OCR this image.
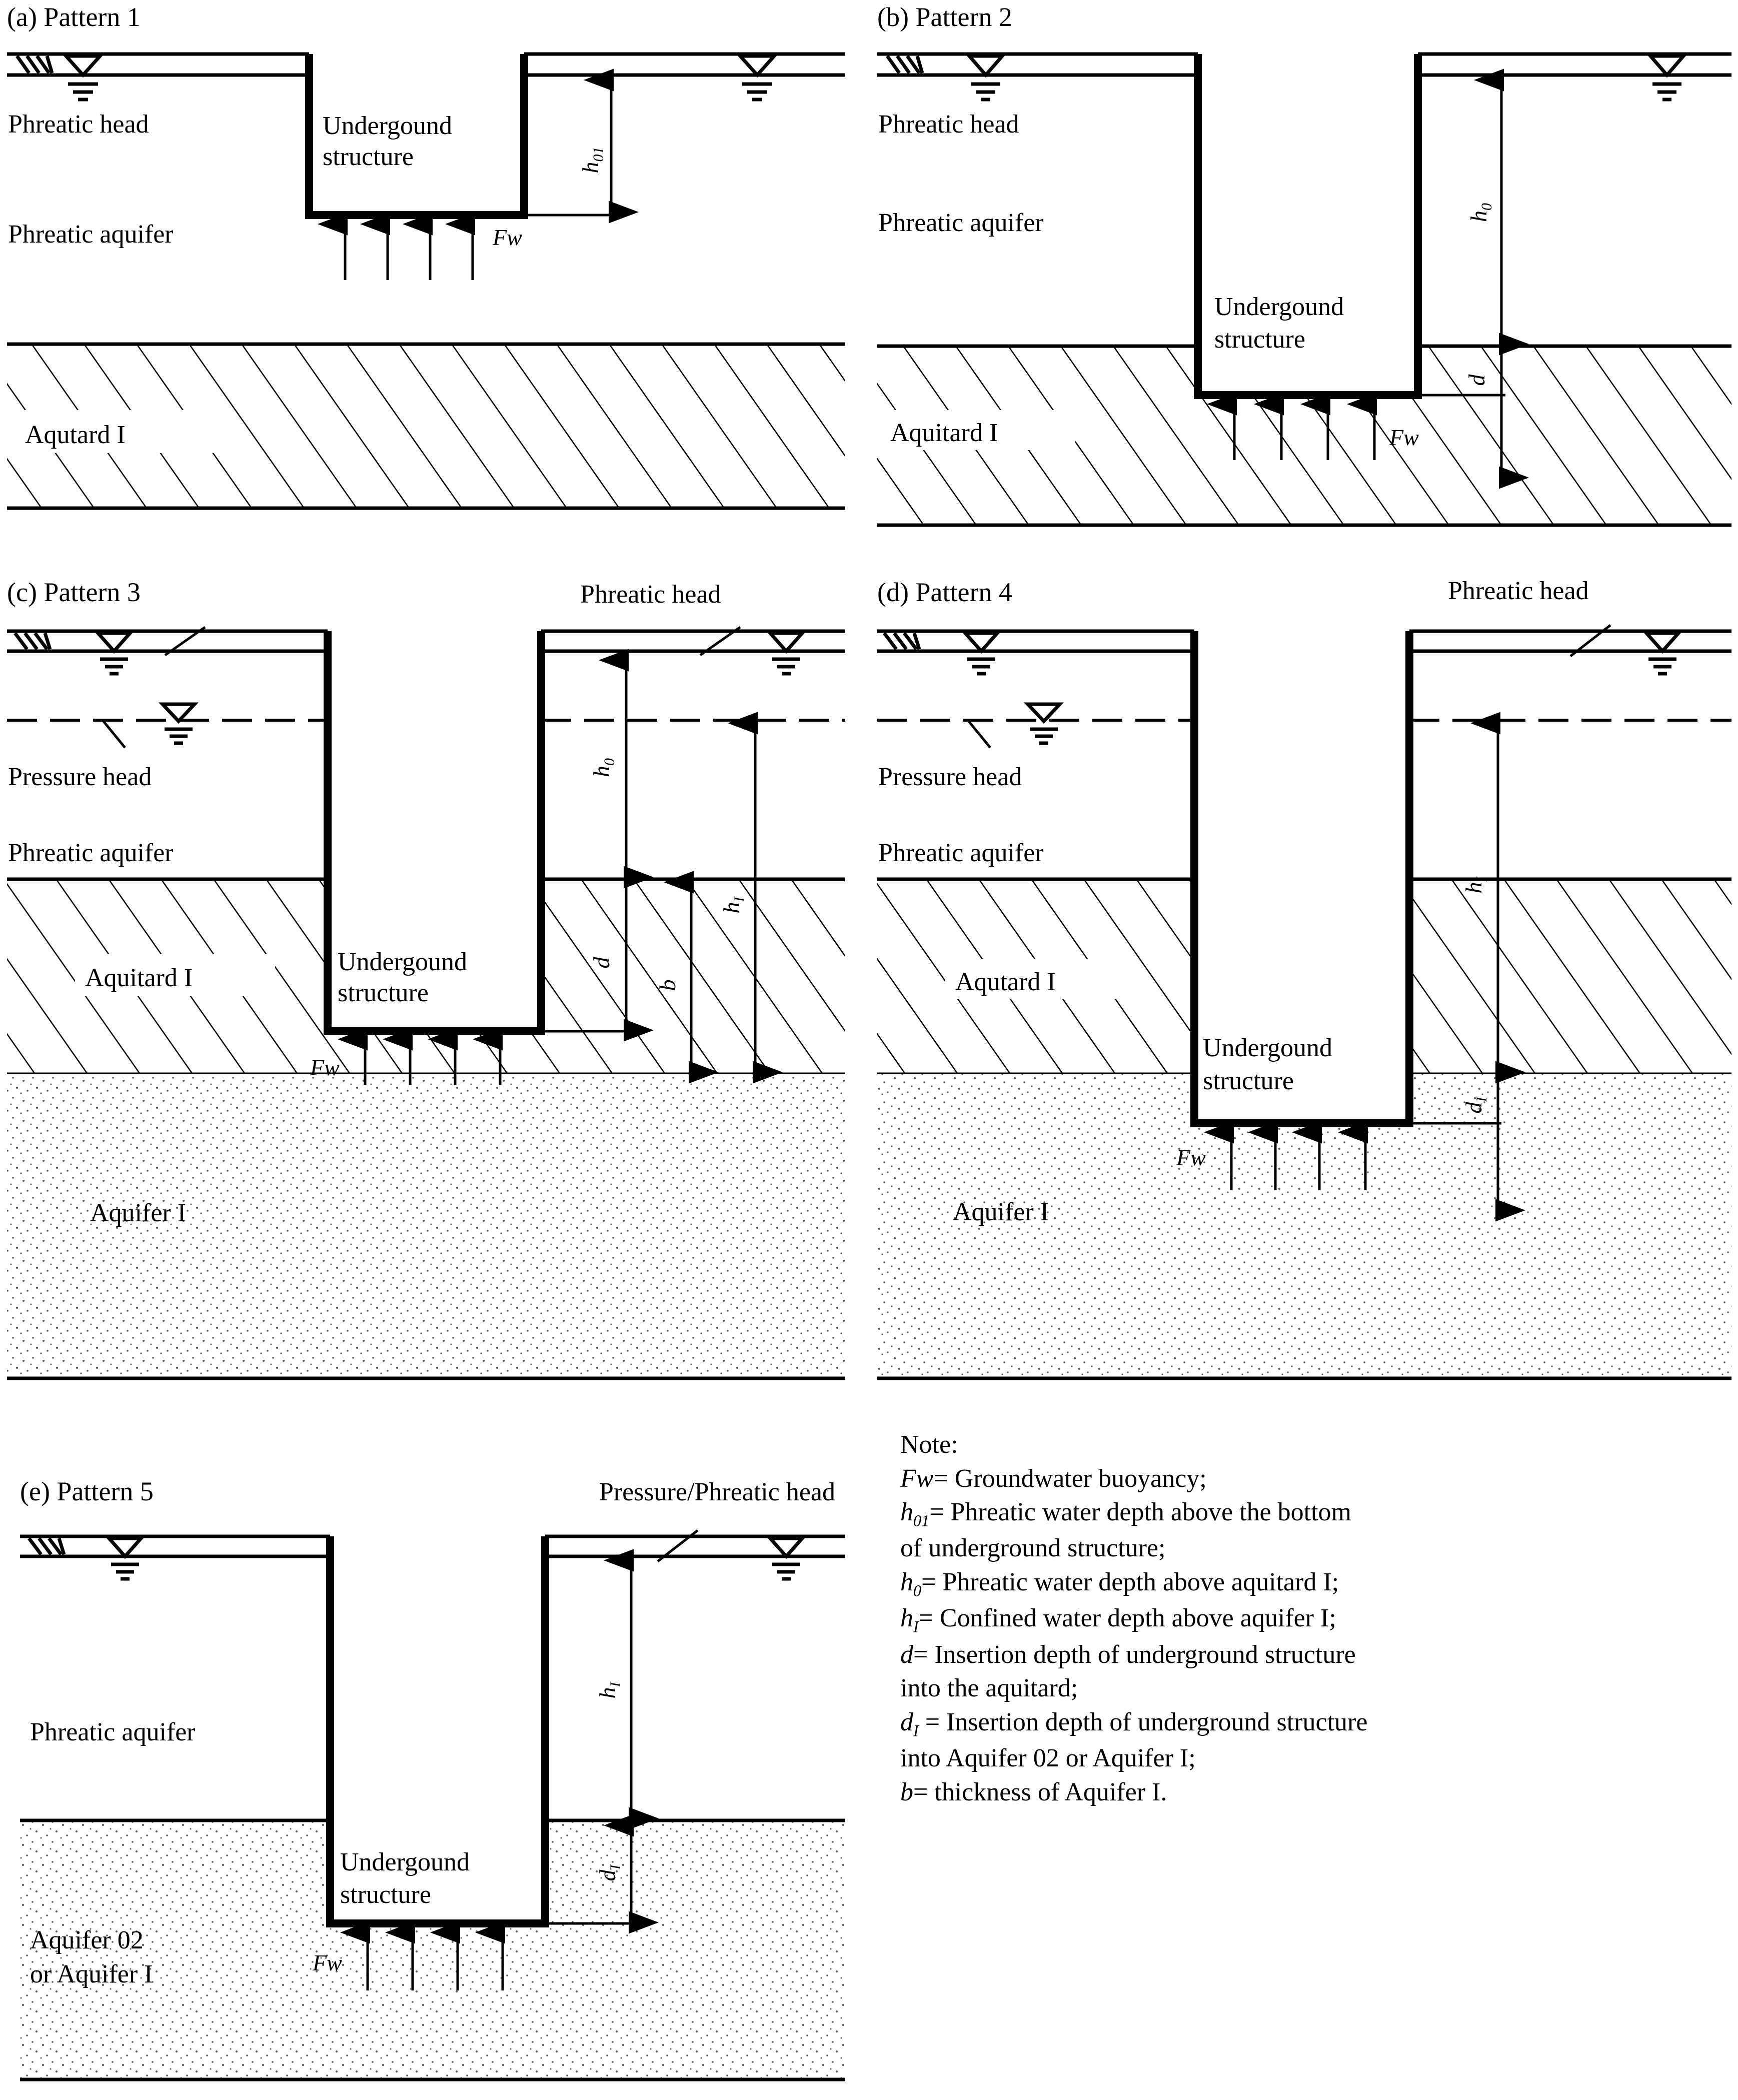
(a) Pattern 1
$h_{01}$
Phreatic head
Phreatic aquifer
Undergound
structure
Fw
Aqutard I
(b) Pattern 2
Aquitard I
$h_0$
d
Phreatic head
Phreatic aquifer
Undergound
structure
Fw
(c) Pattern 3
Aquitard I
Aquifer I
Fw
$h_0$
d
b
$h_I$
Phreatic head
Pressure head
Phreatic aquifer
Undergound
structure
(d) Pattern 4
Aqutard I
Aquifer I
Fw
$h_I$
$d_I$
Phreatic head
Pressure head
Phreatic aquifer
Undergound
structure
(e) Pattern 5
Aquifer 02
or Aquifer I	Fw
$h_I$
$d_I$
Pressure/Phreatic head
Phreatic aquifer
Undergound
structure
Note:
Fw= Groundwater buoyancy;
$h_{01}=$ Phreatic water depth above the bottom
of underground structure;
$h_0=$ Phreatic water depth above aquitard I;
$h_I=$ Confined water depth above aquifer I;
d= Insertion depth of underground structure
into the aquitard;
$d_I$ = Insertion depth of underground structure
into Aquifer 02 or Aquifer I;
b= thickness of Aquifer I.
